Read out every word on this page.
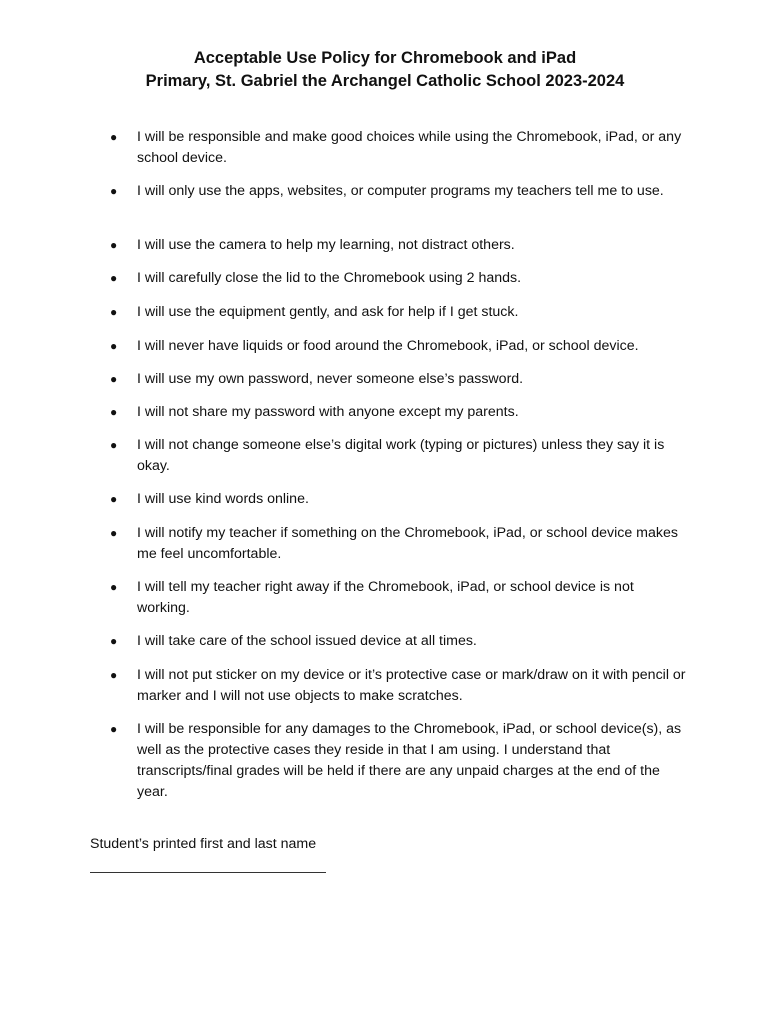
Acceptable Use Policy for Chromebook and iPad
Primary, St. Gabriel the Archangel Catholic School 2023-2024
●	I will be responsible and make good choices while using the Chromebook, iPad, or any school device.
●	I will only use the apps, websites, or computer programs my teachers tell me to use.
●	I will use the camera to help my learning, not distract others.
●	I will carefully close the lid to the Chromebook using 2 hands.
●	I will use the equipment gently, and ask for help if I get stuck.
●	I will never have liquids or food around the Chromebook, iPad, or school device.
●	I will use my own password, never someone else’s password.
●	I will not share my password with anyone except my parents.
●	I will not change someone else’s digital work (typing or pictures) unless they say it is okay.
●	I will use kind words online.
●	I will notify my teacher if something on the Chromebook, iPad, or school device makes me feel uncomfortable.
●	I will tell my teacher right away if the Chromebook, iPad, or school device is not working.
●	I will take care of the school issued device at all times.
●	I will not put sticker on my device or it’s protective case or mark/draw on it with pencil or marker and I will not use objects to make scratches.
●	I will be responsible for any damages to the Chromebook, iPad, or school device(s), as well as the protective cases they reside in that I am using. I understand that transcripts/final grades will be held if there are any unpaid charges at the end of the year.
Student’s printed first and last name
